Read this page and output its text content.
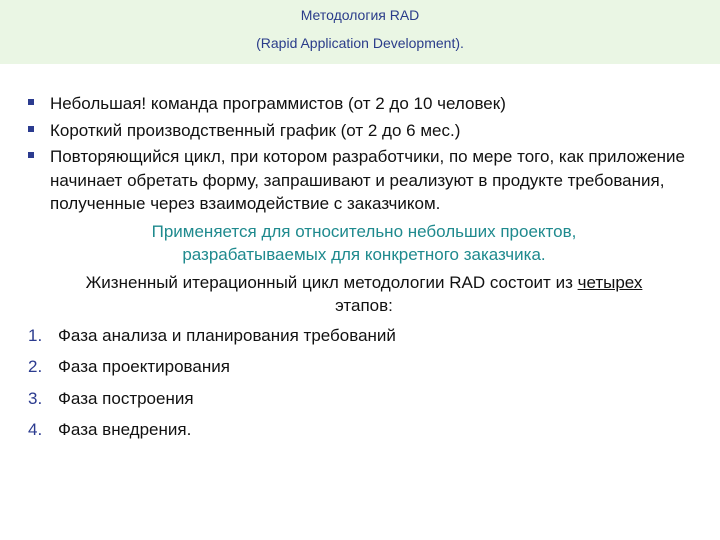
Методология RAD
(Rapid Application Development).
Небольшая! команда программистов (от 2 до 10 человек)
Короткий производственный график (от 2 до 6 мес.)
Повторяющийся цикл, при котором разработчики, по мере того, как приложение начинает обретать форму, запрашивают и реализуют в продукте требования, полученные через взаимодействие с заказчиком.
Применяется для относительно небольших проектов,
разрабатываемых для конкретного заказчика.
Жизненный итерационный цикл методологии RAD состоит из четырех
этапов:
1. Фаза анализа и планирования требований
2. Фаза проектирования
3. Фаза построения
4. Фаза внедрения.
